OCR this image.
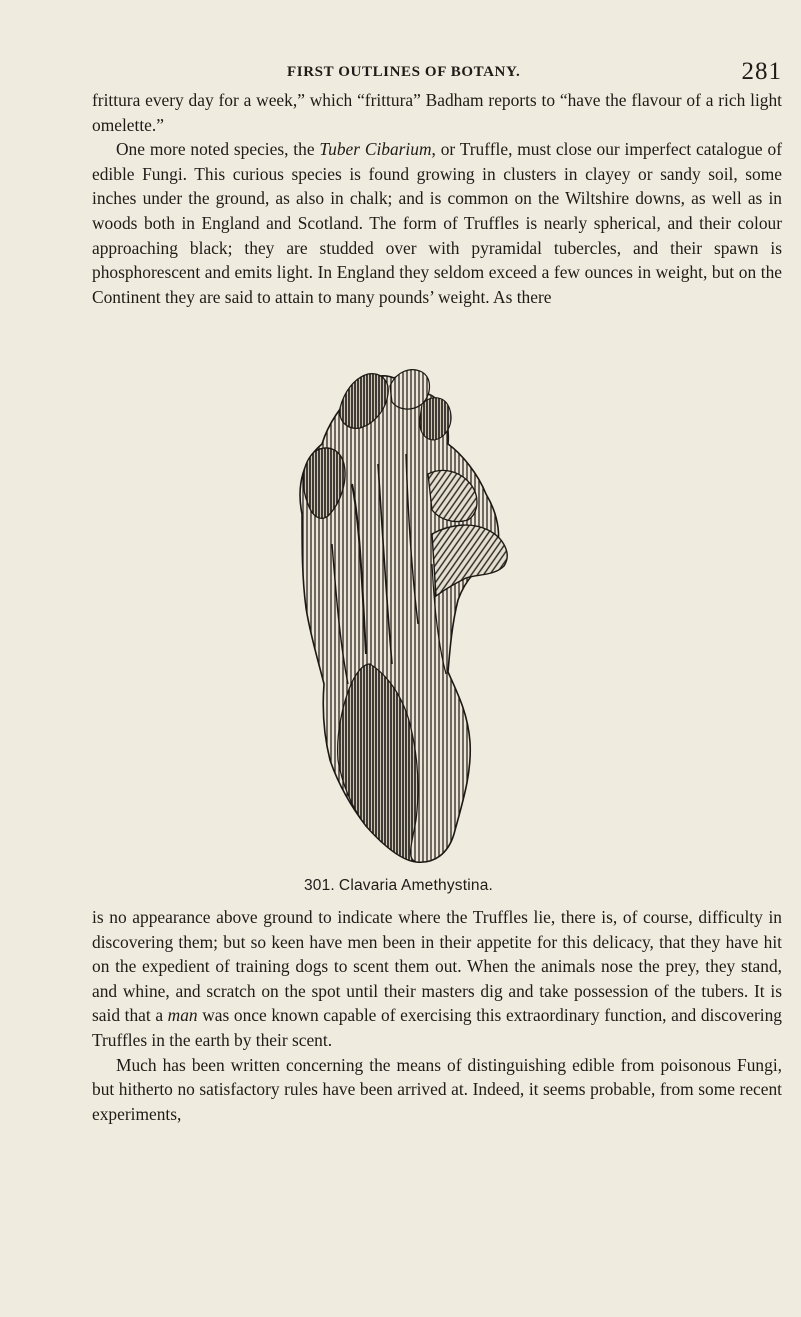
FIRST OUTLINES OF BOTANY.	281

frittura every day for a week,” which “frittura” Badham reports to “have the flavour of a rich light omelette.”

One more noted species, the Tuber Cibarium, or Truffle, must close our imperfect catalogue of edible Fungi. This curious species is found growing in clusters in clayey or sandy soil, some inches under the ground, as also in chalk; and is common on the Wiltshire downs, as well as in woods both in England and Scotland. The form of Truffles is nearly spherical, and their colour approaching black; they are studded over with pyramidal tubercles, and their spawn is phosphorescent and emits light. In England they seldom exceed a few ounces in weight, but on the Continent they are said to attain to many pounds’ weight. As there

301. Clavaria Amethystina.

is no appearance above ground to indicate where the Truffles lie, there is, of course, difficulty in discovering them; but so keen have men been in their appetite for this delicacy, that they have hit on the expedient of training dogs to scent them out. When the animals nose the prey, they stand, and whine, and scratch on the spot until their masters dig and take possession of the tubers. It is said that a man was once known capable of exercising this extraordinary function, and discovering Truffles in the earth by their scent.

Much has been written concerning the means of distinguishing edible from poisonous Fungi, but hitherto no satisfactory rules have been arrived at. Indeed, it seems probable, from some recent experiments,
